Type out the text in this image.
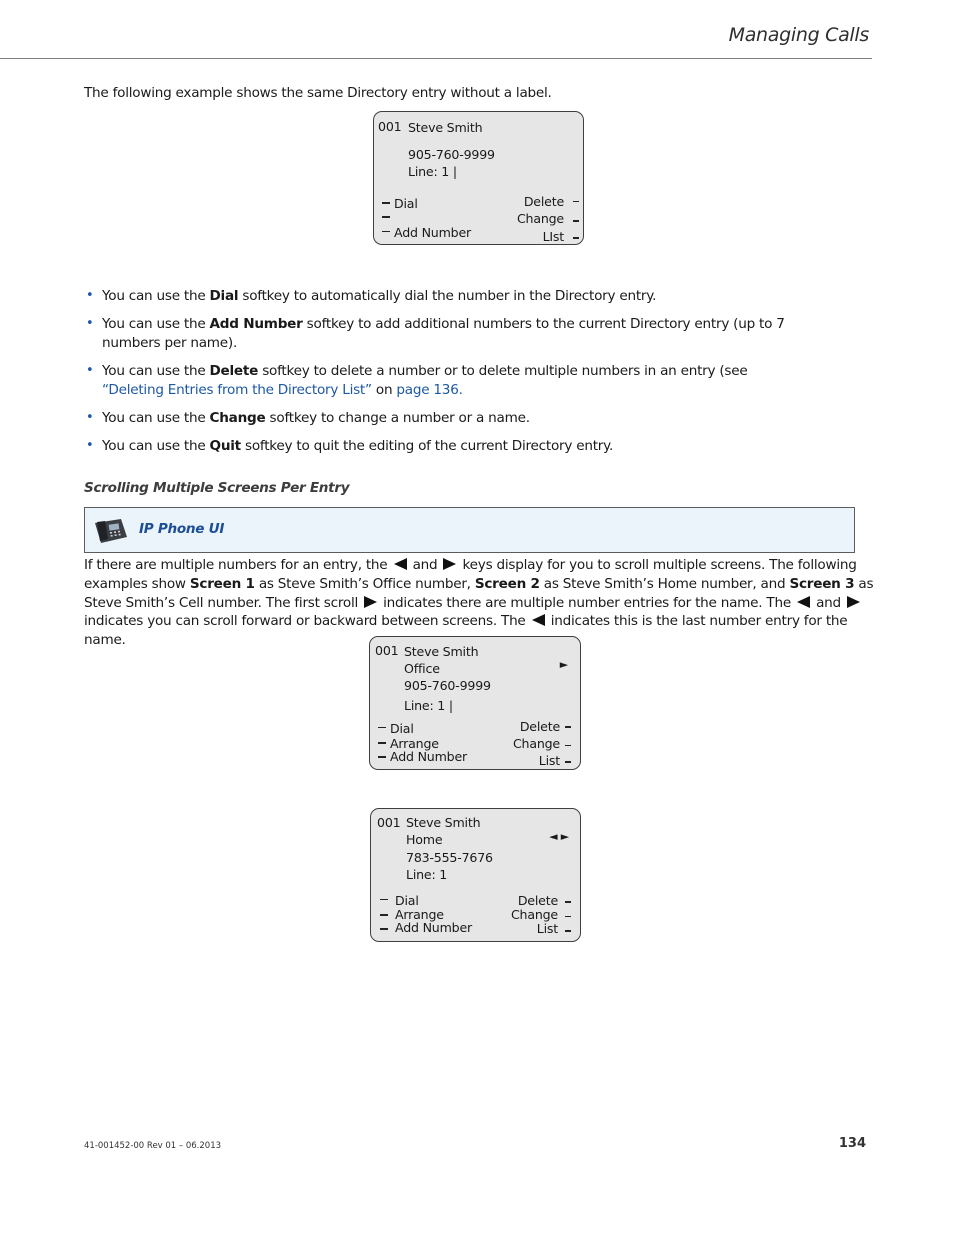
Managing Calls

The following example shows the same Directory entry without a label.

001 Steve Smith
905-760-9999
Line: 1 |
Dial
Add Number
Delete
Change
LIst
• You can use the Dial softkey to automatically dial the number in the Directory entry.
• You can use the Add Number softkey to add additional numbers to the current Directory entry (up to 7 numbers per name).
• You can use the Delete softkey to delete a number or to delete multiple numbers in an entry (see “Deleting Entries from the Directory List” on page 136.
• You can use the Change softkey to change a number or a name.
• You can use the Quit softkey to quit the editing of the current Directory entry.
Scrolling Multiple Screens Per Entry
IP Phone UI

If there are multiple numbers for an entry, the  and  keys display for you to scroll multiple screens. The following examples show Screen 1 as Steve Smith’s Office number, Screen 2 as Steve Smith’s Home number, and Screen 3 as Steve Smith’s Cell number. The first scroll  indicates there are multiple number entries for the name. The  and  indicates you can scroll forward or backward between screens. The  indicates this is the last number entry for the name.

001 Steve Smith
►
Office
905-760-9999
Line: 1 |
Dial
Arrange
Add Number
Delete
Change
List
001 Steve Smith
◄ ►
Home
783-555-7676
Line: 1
Dial
Arrange
Add Number
Delete
Change
List
41-001452-00 Rev 01 – 06.2013	134
